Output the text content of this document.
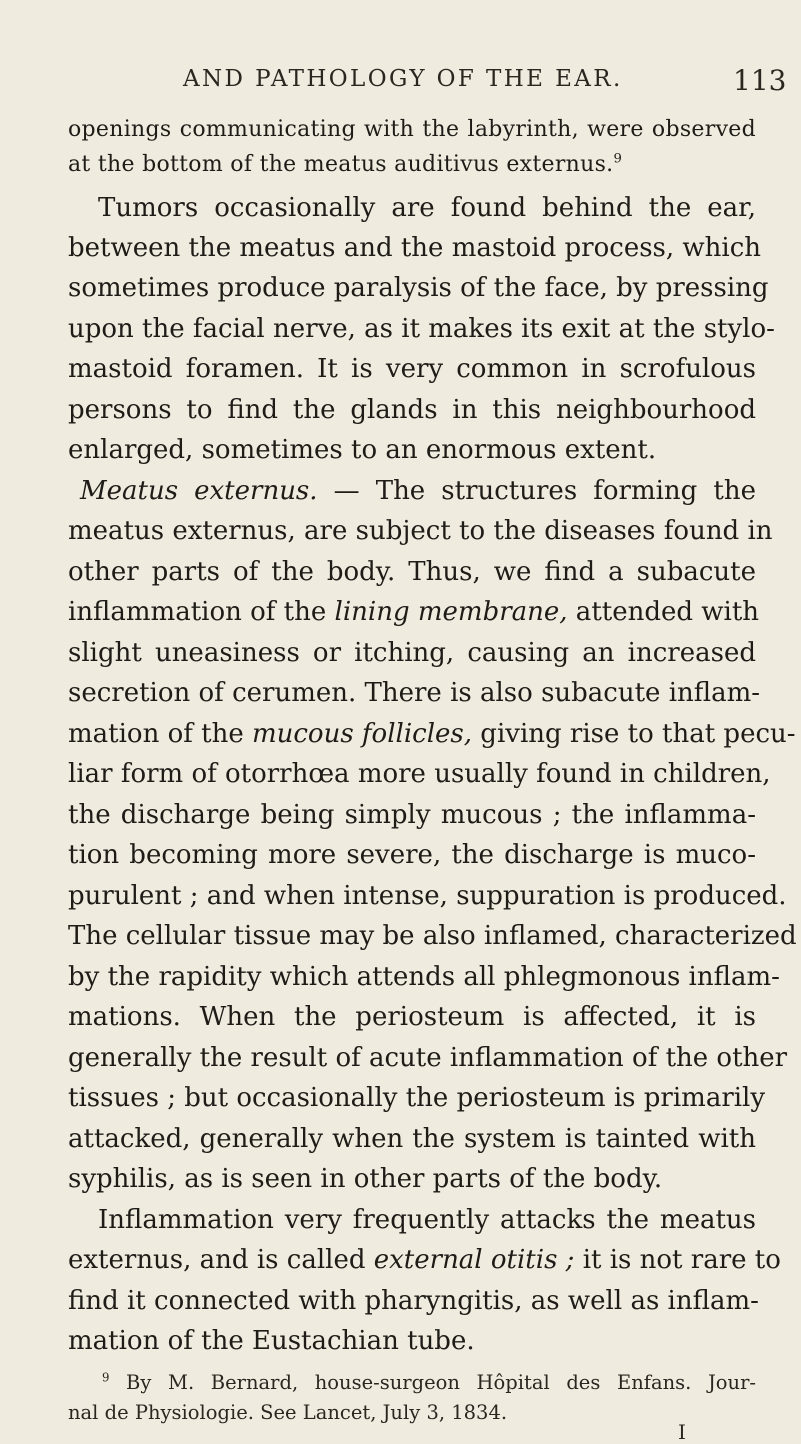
AND PATHOLOGY OF THE EAR.	113
openings communicating with the labyrinth, were observed
at the bottom of the meatus auditivus externus.$^9$
Tumors occasionally are found behind the ear,
between the meatus and the mastoid process, which
sometimes produce paralysis of the face, by pressing
upon the facial nerve, as it makes its exit at the stylo-
mastoid foramen. It is very common in scrofulous
persons to find the glands in this neighbourhood
enlarged, sometimes to an enormous extent.
Meatus externus. — The structures forming the
meatus externus, are subject to the diseases found in
other parts of the body. Thus, we find a subacute
inflammation of the lining membrane, attended with
slight uneasiness or itching, causing an increased
secretion of cerumen. There is also subacute inflam-
mation of the mucous follicles, giving rise to that pecu-
liar form of otorrhœa more usually found in children,
the discharge being simply mucous ; the inflamma-
tion becoming more severe, the discharge is muco-
purulent ; and when intense, suppuration is produced.
The cellular tissue may be also inflamed, characterized
by the rapidity which attends all phlegmonous inflam-
mations. When the periosteum is affected, it is
generally the result of acute inflammation of the other
tissues ; but occasionally the periosteum is primarily
attacked, generally when the system is tainted with
syphilis, as is seen in other parts of the body.
Inflammation very frequently attacks the meatus
externus, and is called external otitis ; it is not rare to
find it connected with pharyngitis, as well as inflam-
mation of the Eustachian tube.
$^9$ By M. Bernard, house-surgeon Hôpital des Enfans. Jour-
nal de Physiologie. See Lancet, July 3, 1834.
I
